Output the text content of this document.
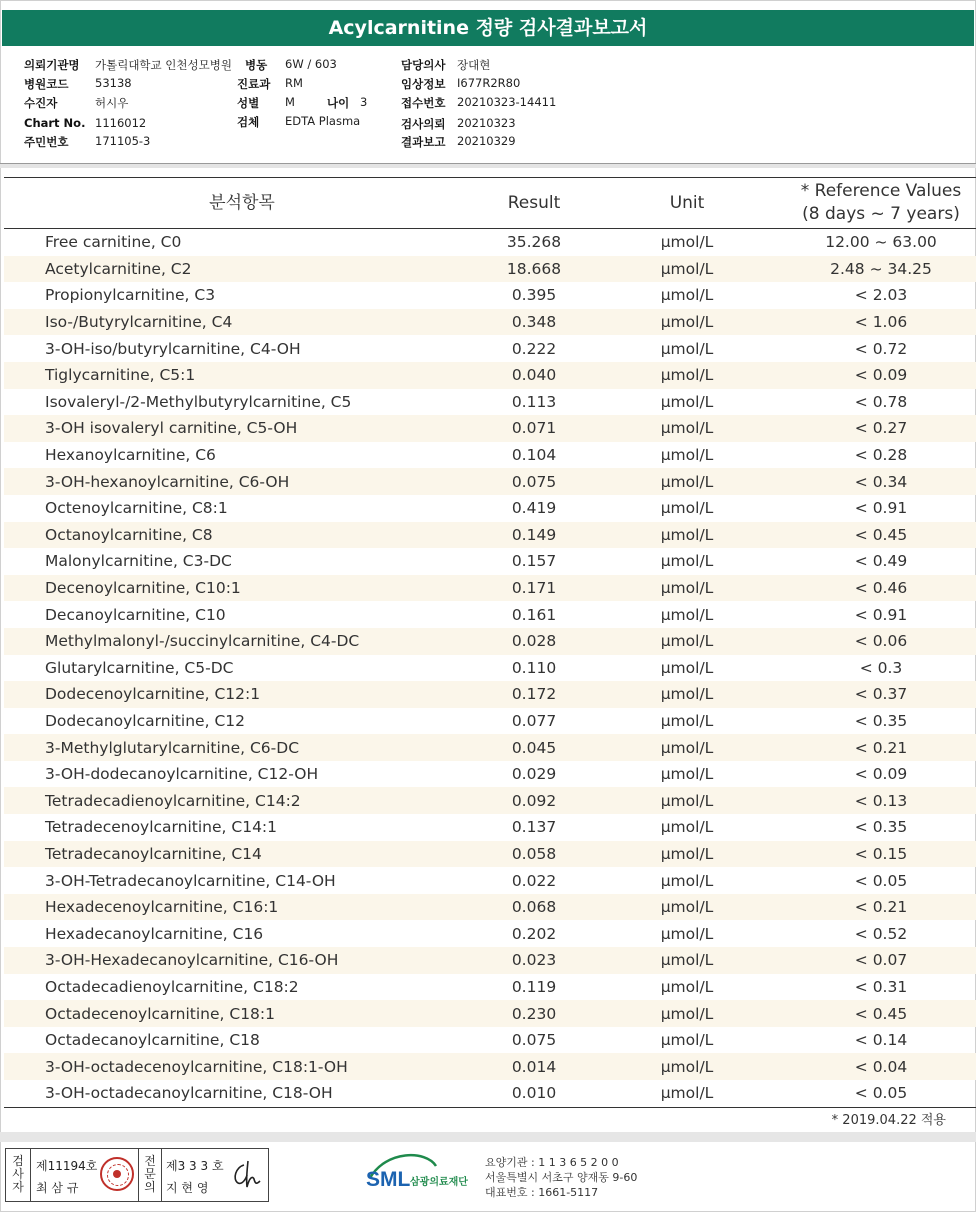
Acylcarnitine 정량 검사결과보고서
의뢰기관명 가톨릭대학교 인천성모병원 병동 6W / 603	담당의사 장대현
병원코드 53138	진료과 RM	임상정보 I677R2R80
수진자	허시우	성별 M	나이 3	접수번호 20210323-14411
Chart No. 1116012	검체 EDTA Plasma	검사의뢰 20210323
주민번호 171105-3	결과보고 20210329
분석항목	Result	Unit	* Reference Values
(8 days ~ 7 years)

Free carnitine, C0	35.268	μmol/L	12.00 ~ 63.00
Acetylcarnitine, C2	18.668	μmol/L	2.48 ~ 34.25
Propionylcarnitine, C3	0.395	μmol/L	< 2.03
Iso-/Butyrylcarnitine, C4	0.348	μmol/L	< 1.06
3-OH-iso/butyrylcarnitine, C4-OH	0.222	μmol/L	< 0.72
Tiglycarnitine, C5:1	0.040	μmol/L	< 0.09
Isovaleryl-/2-Methylbutyrylcarnitine, C5	0.113	μmol/L	< 0.78
3-OH isovaleryl carnitine, C5-OH	0.071	μmol/L	< 0.27
Hexanoylcarnitine, C6	0.104	μmol/L	< 0.28
3-OH-hexanoylcarnitine, C6-OH	0.075	μmol/L	< 0.34
Octenoylcarnitine, C8:1	0.419	μmol/L	< 0.91
Octanoylcarnitine, C8	0.149	μmol/L	< 0.45
Malonylcarnitine, C3-DC	0.157	μmol/L	< 0.49
Decenoylcarnitine, C10:1	0.171	μmol/L	< 0.46
Decanoylcarnitine, C10	0.161	μmol/L	< 0.91
Methylmalonyl-/succinylcarnitine, C4-DC	0.028	μmol/L	< 0.06
Glutarylcarnitine, C5-DC	0.110	μmol/L	< 0.3
Dodecenoylcarnitine, C12:1	0.172	μmol/L	< 0.37
Dodecanoylcarnitine, C12	0.077	μmol/L	< 0.35
3-Methylglutarylcarnitine, C6-DC	0.045	μmol/L	< 0.21
3-OH-dodecanoylcarnitine, C12-OH	0.029	μmol/L	< 0.09
Tetradecadienoylcarnitine, C14:2	0.092	μmol/L	< 0.13
Tetradecenoylcarnitine, C14:1	0.137	μmol/L	< 0.35
Tetradecanoylcarnitine, C14	0.058	μmol/L	< 0.15
3-OH-Tetradecanoylcarnitine, C14-OH	0.022	μmol/L	< 0.05
Hexadecenoylcarnitine, C16:1	0.068	μmol/L	< 0.21
Hexadecanoylcarnitine, C16	0.202	μmol/L	< 0.52
3-OH-Hexadecanoylcarnitine, C16-OH	0.023	μmol/L	< 0.07
Octadecadienoylcarnitine, C18:2	0.119	μmol/L	< 0.31
Octadecenoylcarnitine, C18:1	0.230	μmol/L	< 0.45
Octadecanoylcarnitine, C18	0.075	μmol/L	< 0.14
3-OH-octadecenoylcarnitine, C18:1-OH	0.014	μmol/L	< 0.04
3-OH-octadecanoylcarnitine, C18-OH	0.010	μmol/L	< 0.05
* 2019.04.22 적용
검
사
자
제11194호
최 삼 규
전
문
의
제3 3 3 호
지 현 영	SML 삼광의료재단
요양기관 : 1 1 3 6 5 2 0 0
서울특별시 서초구 양재동 9-60
대표번호 : 1661-5117
